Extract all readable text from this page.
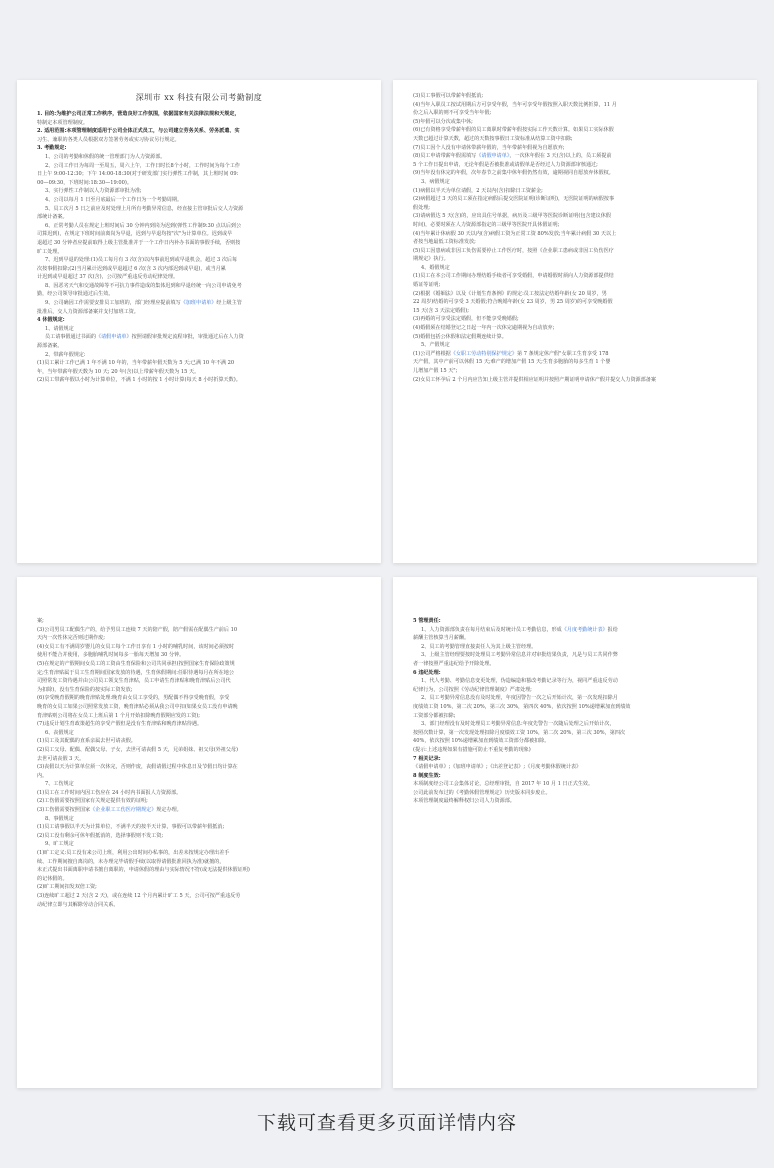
深圳市 xx 科技有限公司考勤制度
1. 目的:为维护公司正常工作秩序，营造良好工作氛围，依据国家有关法律法规和天规定，
特制定本项管理制度。
2. 适用范围:本项管理制度适用于公司全体正式员工，与公司建立劳务关系、劳务派遣、实
习生、兼职的各类人员根据双方签署劳务或实习协议另行规定。
3. 考勤规定:
1、公司的考勤和休假的统一管理部门为人力资源部。
2、公司工作日为每周一至周五，周六上午，工作日时长8个小时，工作时间为每个工作
日上午 9:00-12:30；下午 14:00-18:30(对于研发部门实行弹性工作制，其上班时间 09:
00—09:30，下班时间:18:30—19:00)。
3、实行弹性工作制以人力资源部审批为准;
4、公司以每月 1 日至月底最后一个工作日为一个考勤周期。
5、员工次月 5 日之前应及时处理上月所有考勤异常信息，经直接主管审批后交人力资源
部统计备案。
6、正常考勤人员在规定上班时间后 30 分钟内到岗为迟到(弹性工作制9:30 点以后到公
司算迟到)，在规定下班时间前离岗为早退，迟到与早退均按"次"为计算单位。迟到或早
退超过 30 分钟者应提前取得上级主管批准并于一个工作日内补办书面的事假手续，否则按
旷工处理。
7、迟到早退的处理:(1)员工每月有 3 次(含)以内事前迟到或早退机会，超过 3 次后每
次按事假扣除;(2)当月累计迟到或早退超过 6 次(含 3 次内部迟到或早退)，或当月累
计迟到或早退超过 37 次(含)，公司按严重违反劳动纪律处理。
8、因恶劣天气和交通故障等不可抗力事件造成的集体迟到和早退经统一向公司申请免考
勤，经公司领导审批通过后生效。
9、公司确因工作需要安排员工加班的，部门经理应提前填写《加班申请单》经上级主管
批准后，交人力资源部备案并支付加班工资。
4 休假规定:
1、请假规定
员工请事假通过书面的《请假申请单》按照请假审批规定流程审批，审批通过后在人力资
源部备案。
2、带薪年假规定:
(1)员工累计工作已满 1 年不满 10 年的，当年带薪年假天数为 5 天;已满 10 年不满 20
年，当年带薪年假天数为 10 天; 20 年(含)以上带薪年假天数为 15 天。
(2)员工带薪年假以小时为计算单位，不满 1 小时的按 1 小时计算(每天 8 小时折算天数)。
(3)员工事假可以带薪年假抵消;
(4)当年入职员工按试用期后方可享受年假，当年可享受年假按照入职天数比例折算，11 月
份之后入职的则不可享受当年年假;
(5)年假可以分次或集中休;
(6)已有资格享受带薪年假的员工离职时带薪年假按实际工作天数计算。如果员工实际休假
天数已超过计算天数，超过的天数按事假日工资标准从结算工资中扣除;
(7)员工因个人没有申请休带薪年假的，当年带薪年假视为自愿放弃;
(8)员工申请带薪年假需填写《请假申请单》，一次休年假在 3 天(含)以上的，员工须提前
5 个工作日提出申请，无论年假是否被批准或请假单是否经过人力资源部审核通过;
(9)当年没有休完的年假，次年春节之前集中休年假仍然有效，逾期视同自愿放弃休假权。
3、病假规定
(1)病假以半天为单位请假，2 天以内(含)扣除日工资薪金;
(2)病假超过 3 天的员工须在指定病假后提交医院证明(诊断证明)，无医院证明的病假按事
假处理;
(3)请病假达 5 天(含)的，应出具住号单据，病历及三级甲等医院诊断证明(包含建议休假
时间)，必要时须在人力资源部指定的三级甲等医院开具休假证明;
(4)当年累计休病假 30 天以内(含)病假工资为正常工资 80%发放;当年累计病假 30 天以上
者按当地最低工资标准发放;
(5)员工因患病或非因工负伤需要停止工作医疗时，按照《企业职工患病或非因工负伤医疗
期规定》执行。
4、婚假规定
(1)员工在本公司工作期间办理结婚手续者可享受婚假，申请婚假时须向人力资源部提供结
婚证等证明;
(2)根据《婚姻法》以及《计划生育条例》的规定:员工按法定结婚年龄(女 20 周岁，男
22 周岁)结婚的可享受 3 天婚假;符合晚婚年龄(女 23 周岁，男 25 周岁)的可享受晚婚假
15 天(含 3 天法定婚假);
(3)再婚的可享受法定婚假，但不能享受晚婚假;
(4)婚假须在结婚登记之日起一年内一次休完逾期视为自动放弃;
(5)婚假包括公休假和法定假期连续计算。
5、产假规定
(1)公司严格根据《女职工劳动特别保护规定》第 7 条规定休产假"女职工生育享受 178
天产假，其中产前可以休假 15 天;难产的增加产假 15 天;生育多胞胎的每多生育 1 个婴
儿增加产假 15 天";
(2)女员工怀孕后 2 个月内应告知上级主管并提供相应证明并按照产期证明申请休产假并提交人力资源部备案
案;
(3)公司男员工配偶生产的，给予男员工连续 7 天的陪产假，陪产假需在配偶生产前后 10
天内一次性休完否则过期作废;
(4)女员工有不满周岁婴儿的女员工每个工作日享有 1 小时的哺乳时间，该时间必须按时
使用不能合并使用，多胞胎哺乳时间每多一胎每天增加 30 分钟。
(5)在规定的产假期间女员工的工资由生育保险和公司共同承担(按照国家生育保险政策规
定;生育津贴属于员工生育期间国家发放的待遇，生育休假期间:任职待遇每月在所在地公
司照常发工资待遇并由公司员工领支生育津贴，员工申请生育津贴和晚育津贴后公司代
为扣除)，没有生育保险的按实际工资发放;
(6)享受晚育假期的晚育津贴处理:晚育由女员工享受的，男配偶不得享受晚育假，享受
晚育的女员工如果公司照常发放工资，晚育津贴必须从我公司中扣(如果女员工没有申请晚
育津贴则公司将在女员工上班后第 1 个月开始扣除晚育假期应发的工资);
(7)违反计划生育政策超生的享受产假但是没有生育津贴和晚育津贴待遇。
6、丧假规定
(1)员工及其配偶的直系亲属去世可请丧假。
(2)员工父母、配偶、配偶父母、子女，去世可请丧假 5 天，兄弟姐妹、祖父母(外祖父母)
去世可请丧假 3 天。
(3)丧假以天为计算单位须一次休完，否则作废，丧假请假过程中休息日及节假日均计算在
内。
7、工伤规定
(1)员工在工作时间内因工伤应在 24 小时内书面报人力资源部。
(2)工伤假需要按照国家有关规定提供有效的证明;
(3)工伤假需要按照国家《企业职工工伤医疗期规定》规定办理。
8、事假规定
(1)员工请事假以半天为计算单位，不满半天的按半天计算，事假可以带薪年假抵消;
(2)员工没有剩余可休年假抵消的，选择事假则不发工资;
9、旷工规定
(1)旷工定义:员工没有来公司上班，利用公出时间办私事的，出差未按规定办理出差手
续、工作期间擅自离岗的，未办理完毕请假手续(以取得请假批准回执为准)就擅的，
未正式提出书面离职申请书擅自离职的，申请休假的理由与实际情况不符(或无法提供休假证明)
的记休假的。
(2)旷工期间扣发双倍工资;
(3)连续旷工超过 2 天(含 2 天)，或在连续 12 个月内累计旷工 5 天，公司可按严重违反劳
动纪律立即与其解除劳动合同关系。
5 管理责任:
1、人力资源部负责在每月结束后及时统计员工考勤信息，形成《月度考勤统计表》报给
薪酬主管核算当月薪酬。
2、员工的考勤管理直接责任人为其上级主管经理。
3、上级主管经理要按时处理员工考勤异常信息并对审批结果负责，凡是与员工共同作弊
者一律按照严重违纪给予开除处理。
6 违纪处理:
1、代人考勤、考勤信息变更处理，伪造编造和篡改考勤记录等行为，视同严重违反劳动
纪律行为，公司按照《劳动纪律管理制度》严肃处理;
2、员工考勤异常信息没有及时处理，年度因警告一次之后开始计次，第一次发现扣除月
度绩效工资 10%，第二次 20%，第三次 30%，第四次 40%，依次按照 10%递增累加直到绩效
工资部分都被扣除;
3、部门经理没有及时处理员工考勤异常信息:年度先警告一次随后处理之后开始计次，
按照次数计算，第一次发现处理扣除月度绩效工资 10%，第二次 20%，第三次 30%，第四次
40%，依次按照 10%递增累加直到绩效工资部分都被扣除。
(提示:上述违规如果有措施可防止不重复考勤的现象)
7 相关记录:
《请假申请单》;《加班申请单》;《出差登记表》;《月度考勤休假统计表》
8 制度生效:
本项制度经公司工会集体讨论，总经理审批，自 2017 年 10 月 1 日正式生效。
公司此前发布过的《考勤休假管理规定》历史版本同步废止。
本项管理制度最终解释权归公司人力资源部。
下载可查看更多页面详情内容
